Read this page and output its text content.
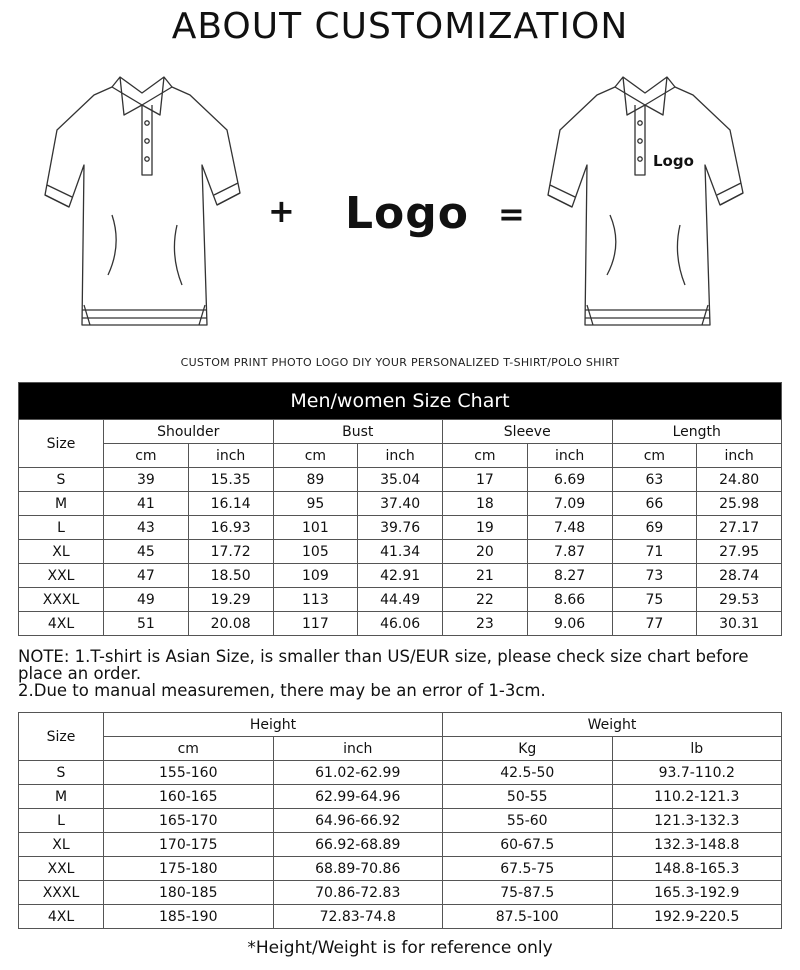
ABOUT CUSTOMIZATION
+ Logo =
Logo
CUSTOM PRINT PHOTO LOGO DIY YOUR PERSONALIZED T-SHIRT/POLO SHIRT
Men/women Size Chart								
Size	Shoulder		Bust		Sleeve		Length	
	cm	inch	cm	inch	cm	inch	cm	inch
S	39	15.35	89	35.04	17	6.69	63	24.80
M	41	16.14	95	37.40	18	7.09	66	25.98
L	43	16.93	101	39.76	19	7.48	69	27.17
XL	45	17.72	105	41.34	20	7.87	71	27.95
XXL	47	18.50	109	42.91	21	8.27	73	28.74
XXXL	49	19.29	113	44.49	22	8.66	75	29.53
4XL	51	20.08	117	46.06	23	9.06	77	30.31
NOTE: 1.T-shirt is Asian Size, is smaller than US/EUR size, please check size chart before place an order.
2.Due to manual measuremen, there may be an error of 1-3cm.
Size	Height		Weight	
	cm	inch	Kg	lb
S	155-160	61.02-62.99	42.5-50	93.7-110.2
M	160-165	62.99-64.96	50-55	110.2-121.3
L	165-170	64.96-66.92	55-60	121.3-132.3
XL	170-175	66.92-68.89	60-67.5	132.3-148.8
XXL	175-180	68.89-70.86	67.5-75	148.8-165.3
XXXL	180-185	70.86-72.83	75-87.5	165.3-192.9
4XL	185-190	72.83-74.8	87.5-100	192.9-220.5
*Height/Weight is for reference only
